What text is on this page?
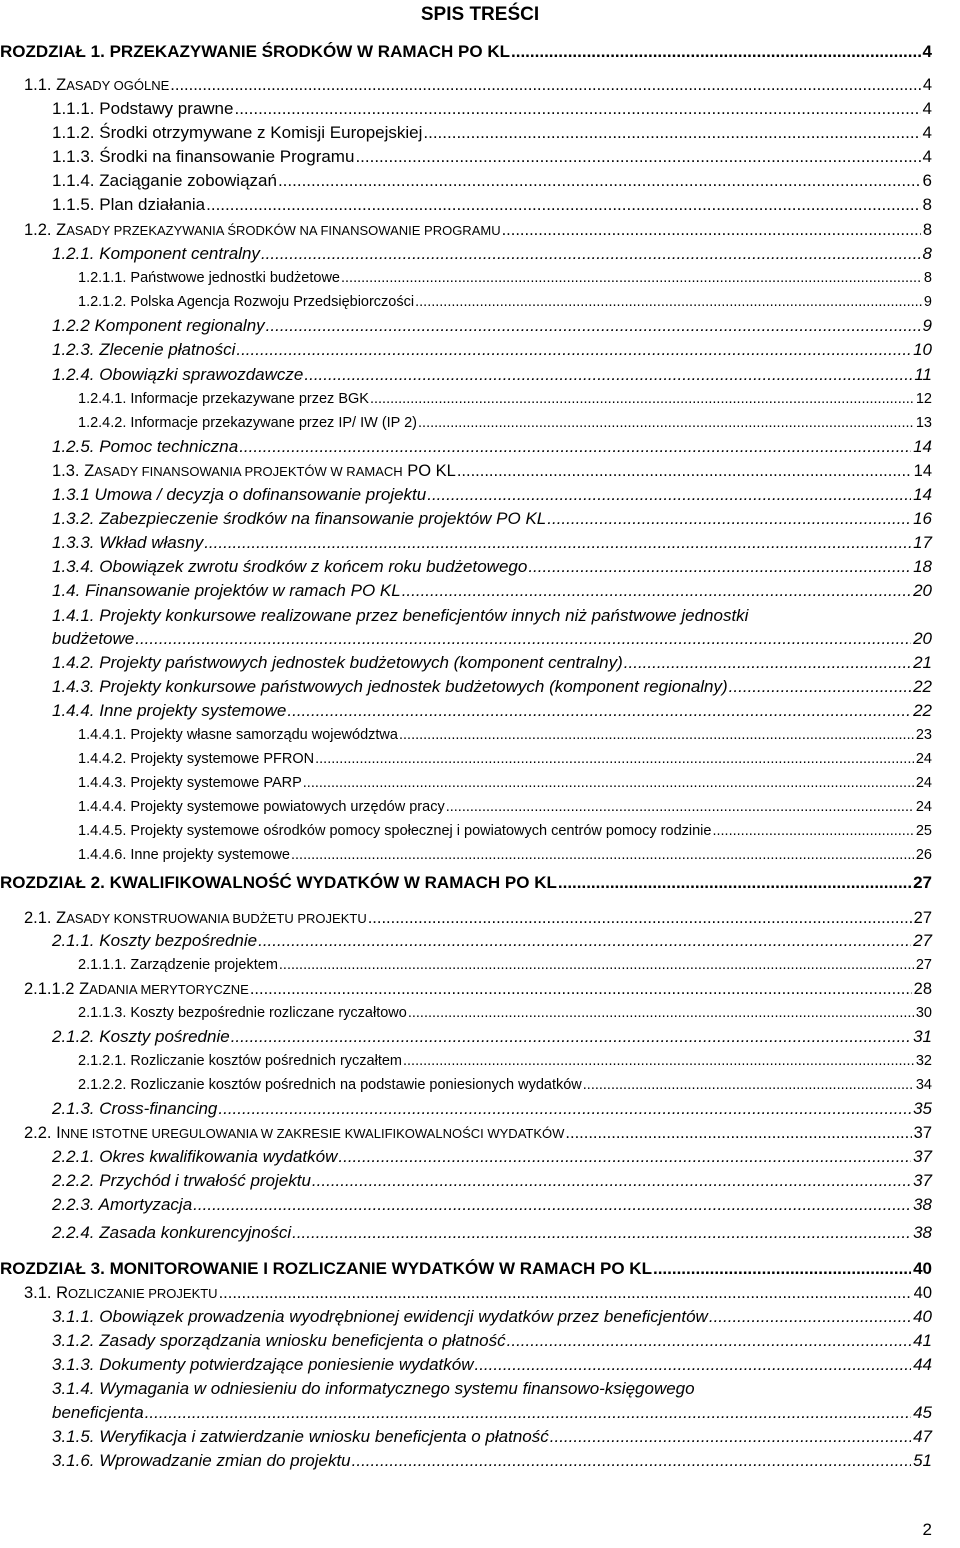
SPIS TREŚCI
ROZDZIAŁ 1. PRZEKAZYWANIE ŚRODKÓW W RAMACH PO KL .....	4
1.1. ZASADY OGÓLNE .....	4
1.1.1. Podstawy prawne .....	4
1.1.2. Środki otrzymywane z Komisji Europejskiej .....	4
1.1.3. Środki na finansowanie Programu .....	4
1.1.4. Zaciąganie zobowiązań .....	6
1.1.5. Plan działania .....	8
1.2. ZASADY PRZEKAZYWANIA ŚRODKÓW NA FINANSOWANIE PROGRAMU .....	8
1.2.1. Komponent centralny .....	8
1.2.1.1. Państwowe jednostki budżetowe .....	8
1.2.1.2. Polska Agencja Rozwoju Przedsiębiorczości .....	9
1.2.2 Komponent regionalny .....	9
1.2.3. Zlecenie płatności .....	10
1.2.4. Obowiązki sprawozdawcze .....	11
1.2.4.1. Informacje przekazywane przez BGK .....	12
1.2.4.2. Informacje przekazywane przez IP/ IW (IP 2) .....	13
1.2.5. Pomoc techniczna .....	14
1.3. ZASADY FINANSOWANIA PROJEKTÓW W RAMACH PO KL .....	14
1.3.1 Umowa / decyzja o dofinansowanie projektu .....	14
1.3.2. Zabezpieczenie środków na finansowanie projektów PO KL .....	16
1.3.3. Wkład własny .....	17
1.3.4. Obowiązek zwrotu środków z końcem roku budżetowego .....	18
1.4. Finansowanie projektów w ramach PO KL .....	20
1.4.1. Projekty konkursowe realizowane przez beneficjentów innych niż państwowe jednostki
budżetowe .....	20
1.4.2. Projekty państwowych jednostek budżetowych (komponent centralny) .....	21
1.4.3. Projekty konkursowe państwowych jednostek budżetowych (komponent regionalny) .....	22
1.4.4. Inne projekty systemowe .....	22
1.4.4.1. Projekty własne samorządu województwa .....	23
1.4.4.2. Projekty systemowe PFRON .....	24
1.4.4.3. Projekty systemowe PARP .....	24
1.4.4.4. Projekty systemowe powiatowych urzędów pracy .....	24
1.4.4.5. Projekty systemowe ośrodków pomocy społecznej i powiatowych centrów pomocy rodzinie .....	25
1.4.4.6. Inne projekty systemowe .....	26
ROZDZIAŁ 2. KWALIFIKOWALNOŚĆ WYDATKÓW W RAMACH PO KL .....	27
2.1. ZASADY KONSTRUOWANIA BUDŻETU PROJEKTU .....	27
2.1.1. Koszty bezpośrednie .....	27
2.1.1.1. Zarządzenie projektem .....	27
2.1.1.2 ZADANIA MERYTORYCZNE .....	28
2.1.1.3. Koszty bezpośrednie rozliczane ryczałtowo .....	30
2.1.2. Koszty pośrednie .....	31
2.1.2.1. Rozliczanie kosztów pośrednich ryczałtem .....	32
2.1.2.2. Rozliczanie kosztów pośrednich na podstawie poniesionych wydatków .....	34
2.1.3. Cross-financing .....	35
2.2. INNE ISTOTNE UREGULOWANIA W ZAKRESIE KWALIFIKOWALNOŚCI WYDATKÓW .....	37
2.2.1. Okres kwalifikowania wydatków .....	37
2.2.2. Przychód i trwałość projektu .....	37
2.2.3. Amortyzacja .....	38
2.2.4. Zasada konkurencyjności .....	38
ROZDZIAŁ 3. MONITOROWANIE I ROZLICZANIE WYDATKÓW W RAMACH PO KL .....	40
3.1. ROZLICZANIE PROJEKTU .....	40
3.1.1. Obowiązek prowadzenia wyodrębnionej ewidencji wydatków przez beneficjentów .....	40
3.1.2. Zasady sporządzania wniosku beneficjenta o płatność .....	41
3.1.3. Dokumenty potwierdzające poniesienie wydatków .....	44
3.1.4. Wymagania w odniesieniu do informatycznego systemu finansowo-księgowego
beneficjenta .....	45
3.1.5. Weryfikacja i zatwierdzanie wniosku beneficjenta o płatność .....	47
3.1.6. Wprowadzanie zmian do projektu .....	51
2
